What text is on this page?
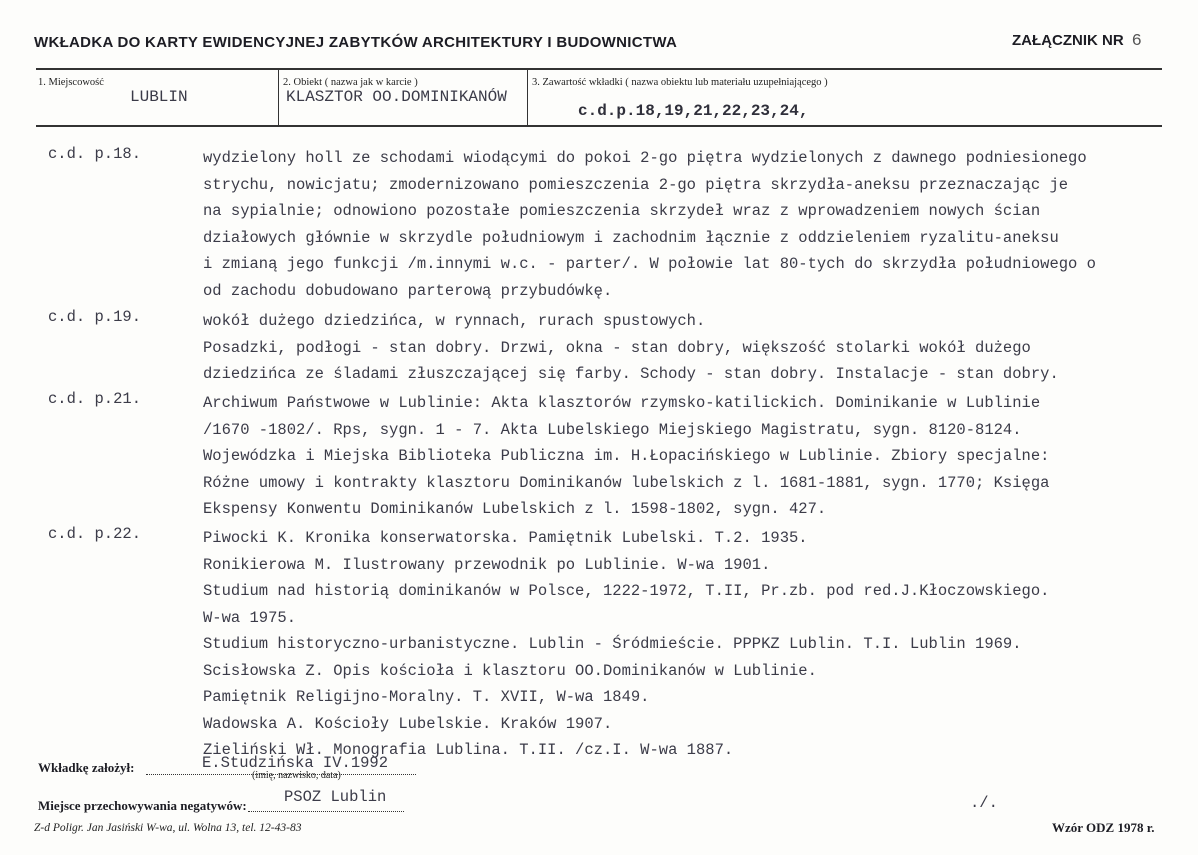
WKŁADKA DO KARTY EWIDENCYJNEJ ZABYTKÓW ARCHITEKTURY I BUDOWNICTWA	ZAŁĄCZNIK NR 6
1. Miejscowość
LUBLIN
2. Obiekt ( nazwa jak w karcie )
KLASZTOR OO.DOMINIKANÓW
3. Zawartość wkładki ( nazwa obiektu lub materiału uzupełniającego )
c.d.p.18,19,21,22,23,24,
c.d. p.18.	wydzielony holl ze schodami wiodącymi do pokoi 2-go piętra wydzielonych z dawnego podniesionego
strychu, nowicjatu; zmodernizowano pomieszczenia 2-go piętra skrzydła-aneksu przeznaczając je
na sypialnie; odnowiono pozostałe pomieszczenia skrzydeł wraz z wprowadzeniem nowych ścian
działowych głównie w skrzydle południowym i zachodnim łącznie z oddzieleniem ryzalitu-aneksu
i zmianą jego funkcji /m.innymi w.c. - parter/. W połowie lat 80-tych do skrzydła południowego o
od zachodu dobudowano parterową przybudówkę.
c.d. p.19.	wokół dużego dziedzińca, w rynnach, rurach spustowych.
Posadzki, podłogi - stan dobry. Drzwi, okna - stan dobry, większość stolarki wokół dużego
dziedzińca ze śladami złuszczającej się farby. Schody - stan dobry. Instalacje - stan dobry.
c.d. p.21.	Archiwum Państwowe w Lublinie: Akta klasztorów rzymsko-katilickich. Dominikanie w Lublinie
/1670 -1802/. Rps, sygn. 1 - 7. Akta Lubelskiego Miejskiego Magistratu, sygn. 8120-8124.
Wojewódzka i Miejska Biblioteka Publiczna im. H.Łopacińskiego w Lublinie. Zbiory specjalne:
Różne umowy i kontrakty klasztoru Dominikanów lubelskich z l. 1681-1881, sygn. 1770; Księga
Ekspensy Konwentu Dominikanów Lubelskich z l. 1598-1802, sygn. 427.
c.d. p.22.	Piwocki K. Kronika konserwatorska. Pamiętnik Lubelski. T.2. 1935.
Ronikierowa M. Ilustrowany przewodnik po Lublinie. W-wa 1901.
Studium nad historią dominikanów w Polsce, 1222-1972, T.II, Pr.zb. pod red.J.Kłoczowskiego.
W-wa 1975.
Studium historyczno-urbanistyczne. Lublin - Śródmieście. PPPKZ Lublin. T.I. Lublin 1969.
Scisłowska Z. Opis kościoła i klasztoru OO.Dominikanów w Lublinie.
Pamiętnik Religijno-Moralny. T. XVII, W-wa 1849.
Wadowska A. Kościoły Lubelskie. Kraków 1907.
Zieliński Wł. Monografia Lublina. T.II. /cz.I. W-wa 1887.
Wkładkę założył:	E.Studzińska IV.1992
(imię, nazwisko, data)
Miejsce przechowywania negatywów: PSOZ Lublin	./.
Z-d Poligr. Jan Jasiński W-wa, ul. Wolna 13, tel. 12-43-83	Wzór ODZ 1978 r.
